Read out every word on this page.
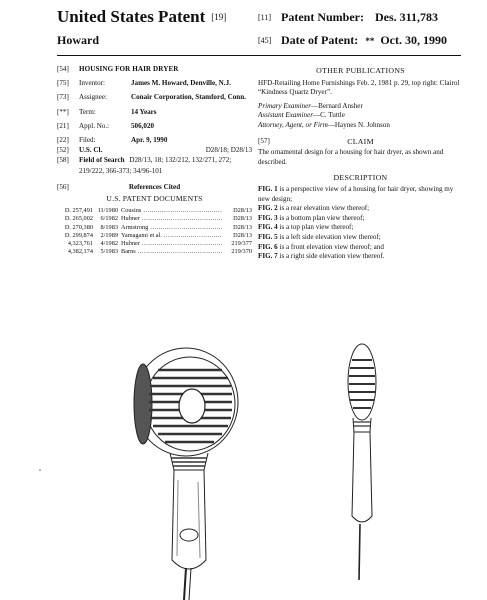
United States Patent [19]
Howard
[11] Patent Number: Des. 311,783
[45] Date of Patent: ** Oct. 30, 1990
[54] HOUSING FOR HAIR DRYER
[75] Inventor:	James M. Howard, Denville, N.J.
[73] Assignee:	Conair Corporation, Stamford, Conn.
[**] Term:	14 Years
[21] Appl. No.:	506,020
[22] Filed:	Apr. 9, 1990
[52] U.S. Cl.	D28/18; D28/13
[58] Field of Search D28/13, 18; 132/212, 132/271, 272; 219/222, 366-373; 34/96-101
[56]	References Cited
U.S. PATENT DOCUMENTS
D. 257,491 11/1980 Cousins .....	D28/13
D. 265,002	6/1982 Hubner .....	D28/13
D. 270,380	8/1983 Armstrong .....	D28/13
D. 299,874	2/1989 Yamagami et al. .....	D28/13
4,323,761	4/1982 Hubner .....	219/377
4,382,174	5/1983 Barns .....	219/370
OTHER PUBLICATIONS
HFD-Retailing Home Furnishings Feb. 2, 1981 p. 29, top right: Clairol “Kindness Quartz Dryer”.
Primary Examiner—Bernard Ansher
Assistant Examiner—C. Tuttle
Attorney, Agent, or Firm—Haynes N. Johnson
[57]	CLAIM
The ornamental design for a housing for hair dryer, as shown and described.
DESCRIPTION
FIG. 1 is a perspective view of a housing for hair dryer, showing my new design;
FIG. 2 is a rear elevation view thereof;
FIG. 3 is a bottom plan view thereof;
FIG. 4 is a top plan view thereof;
FIG. 5 is a left side elevation view thereof;
FIG. 6 is a front elevation view thereof; and
FIG. 7 is a right side elevation view thereof.
